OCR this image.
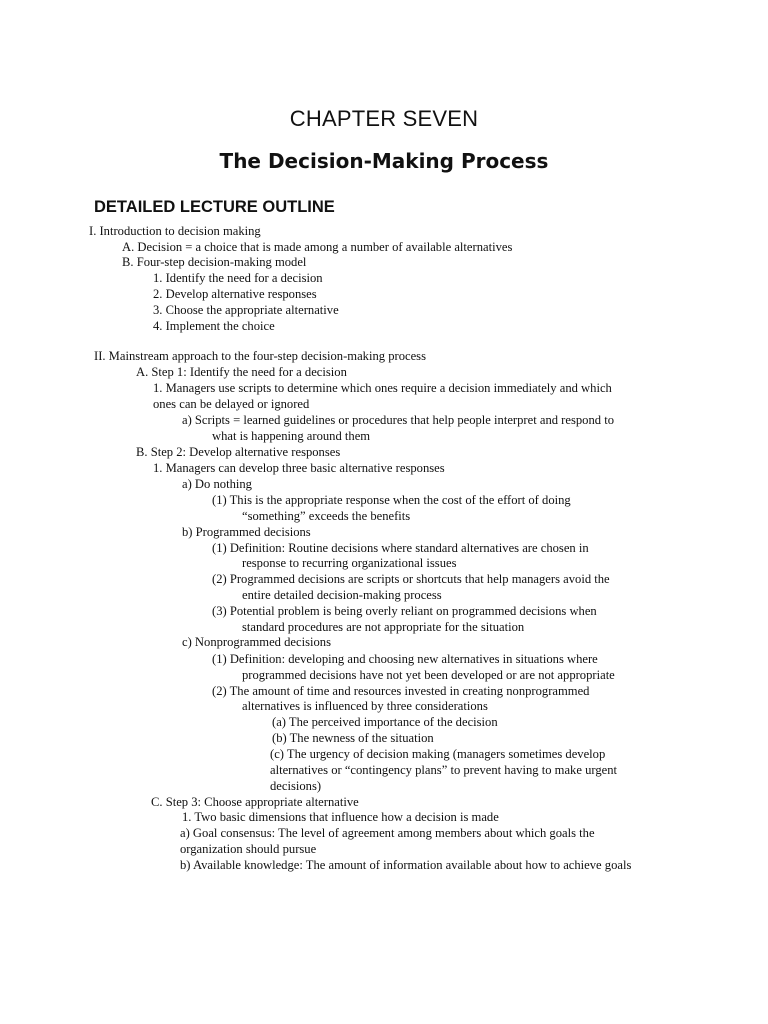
CHAPTER SEVEN
The Decision-Making Process
DETAILED LECTURE OUTLINE
I. Introduction to decision making
A. Decision = a choice that is made among a number of available alternatives
B. Four-step decision-making model
1. Identify the need for a decision
2. Develop alternative responses
3. Choose the appropriate alternative
4. Implement the choice
II. Mainstream approach to the four-step decision-making process
A. Step 1: Identify the need for a decision
1. Managers use scripts to determine which ones require a decision immediately and which
ones can be delayed or ignored
a) Scripts = learned guidelines or procedures that help people interpret and respond to
what is happening around them
B. Step 2: Develop alternative responses
1. Managers can develop three basic alternative responses
a) Do nothing
(1) This is the appropriate response when the cost of the effort of doing
“something” exceeds the benefits
b) Programmed decisions
(1) Definition: Routine decisions where standard alternatives are chosen in
response to recurring organizational issues
(2) Programmed decisions are scripts or shortcuts that help managers avoid the
entire detailed decision-making process
(3) Potential problem is being overly reliant on programmed decisions when
standard procedures are not appropriate for the situation
c) Nonprogrammed decisions
(1) Definition: developing and choosing new alternatives in situations where
programmed decisions have not yet been developed or are not appropriate
(2) The amount of time and resources invested in creating nonprogrammed
alternatives is influenced by three considerations
(a) The perceived importance of the decision
(b) The newness of the situation
(c) The urgency of decision making (managers sometimes develop
alternatives or “contingency plans” to prevent having to make urgent
decisions)
C. Step 3: Choose appropriate alternative
1. Two basic dimensions that influence how a decision is made
a) Goal consensus: The level of agreement among members about which goals the
organization should pursue
b) Available knowledge: The amount of information available about how to achieve goals
